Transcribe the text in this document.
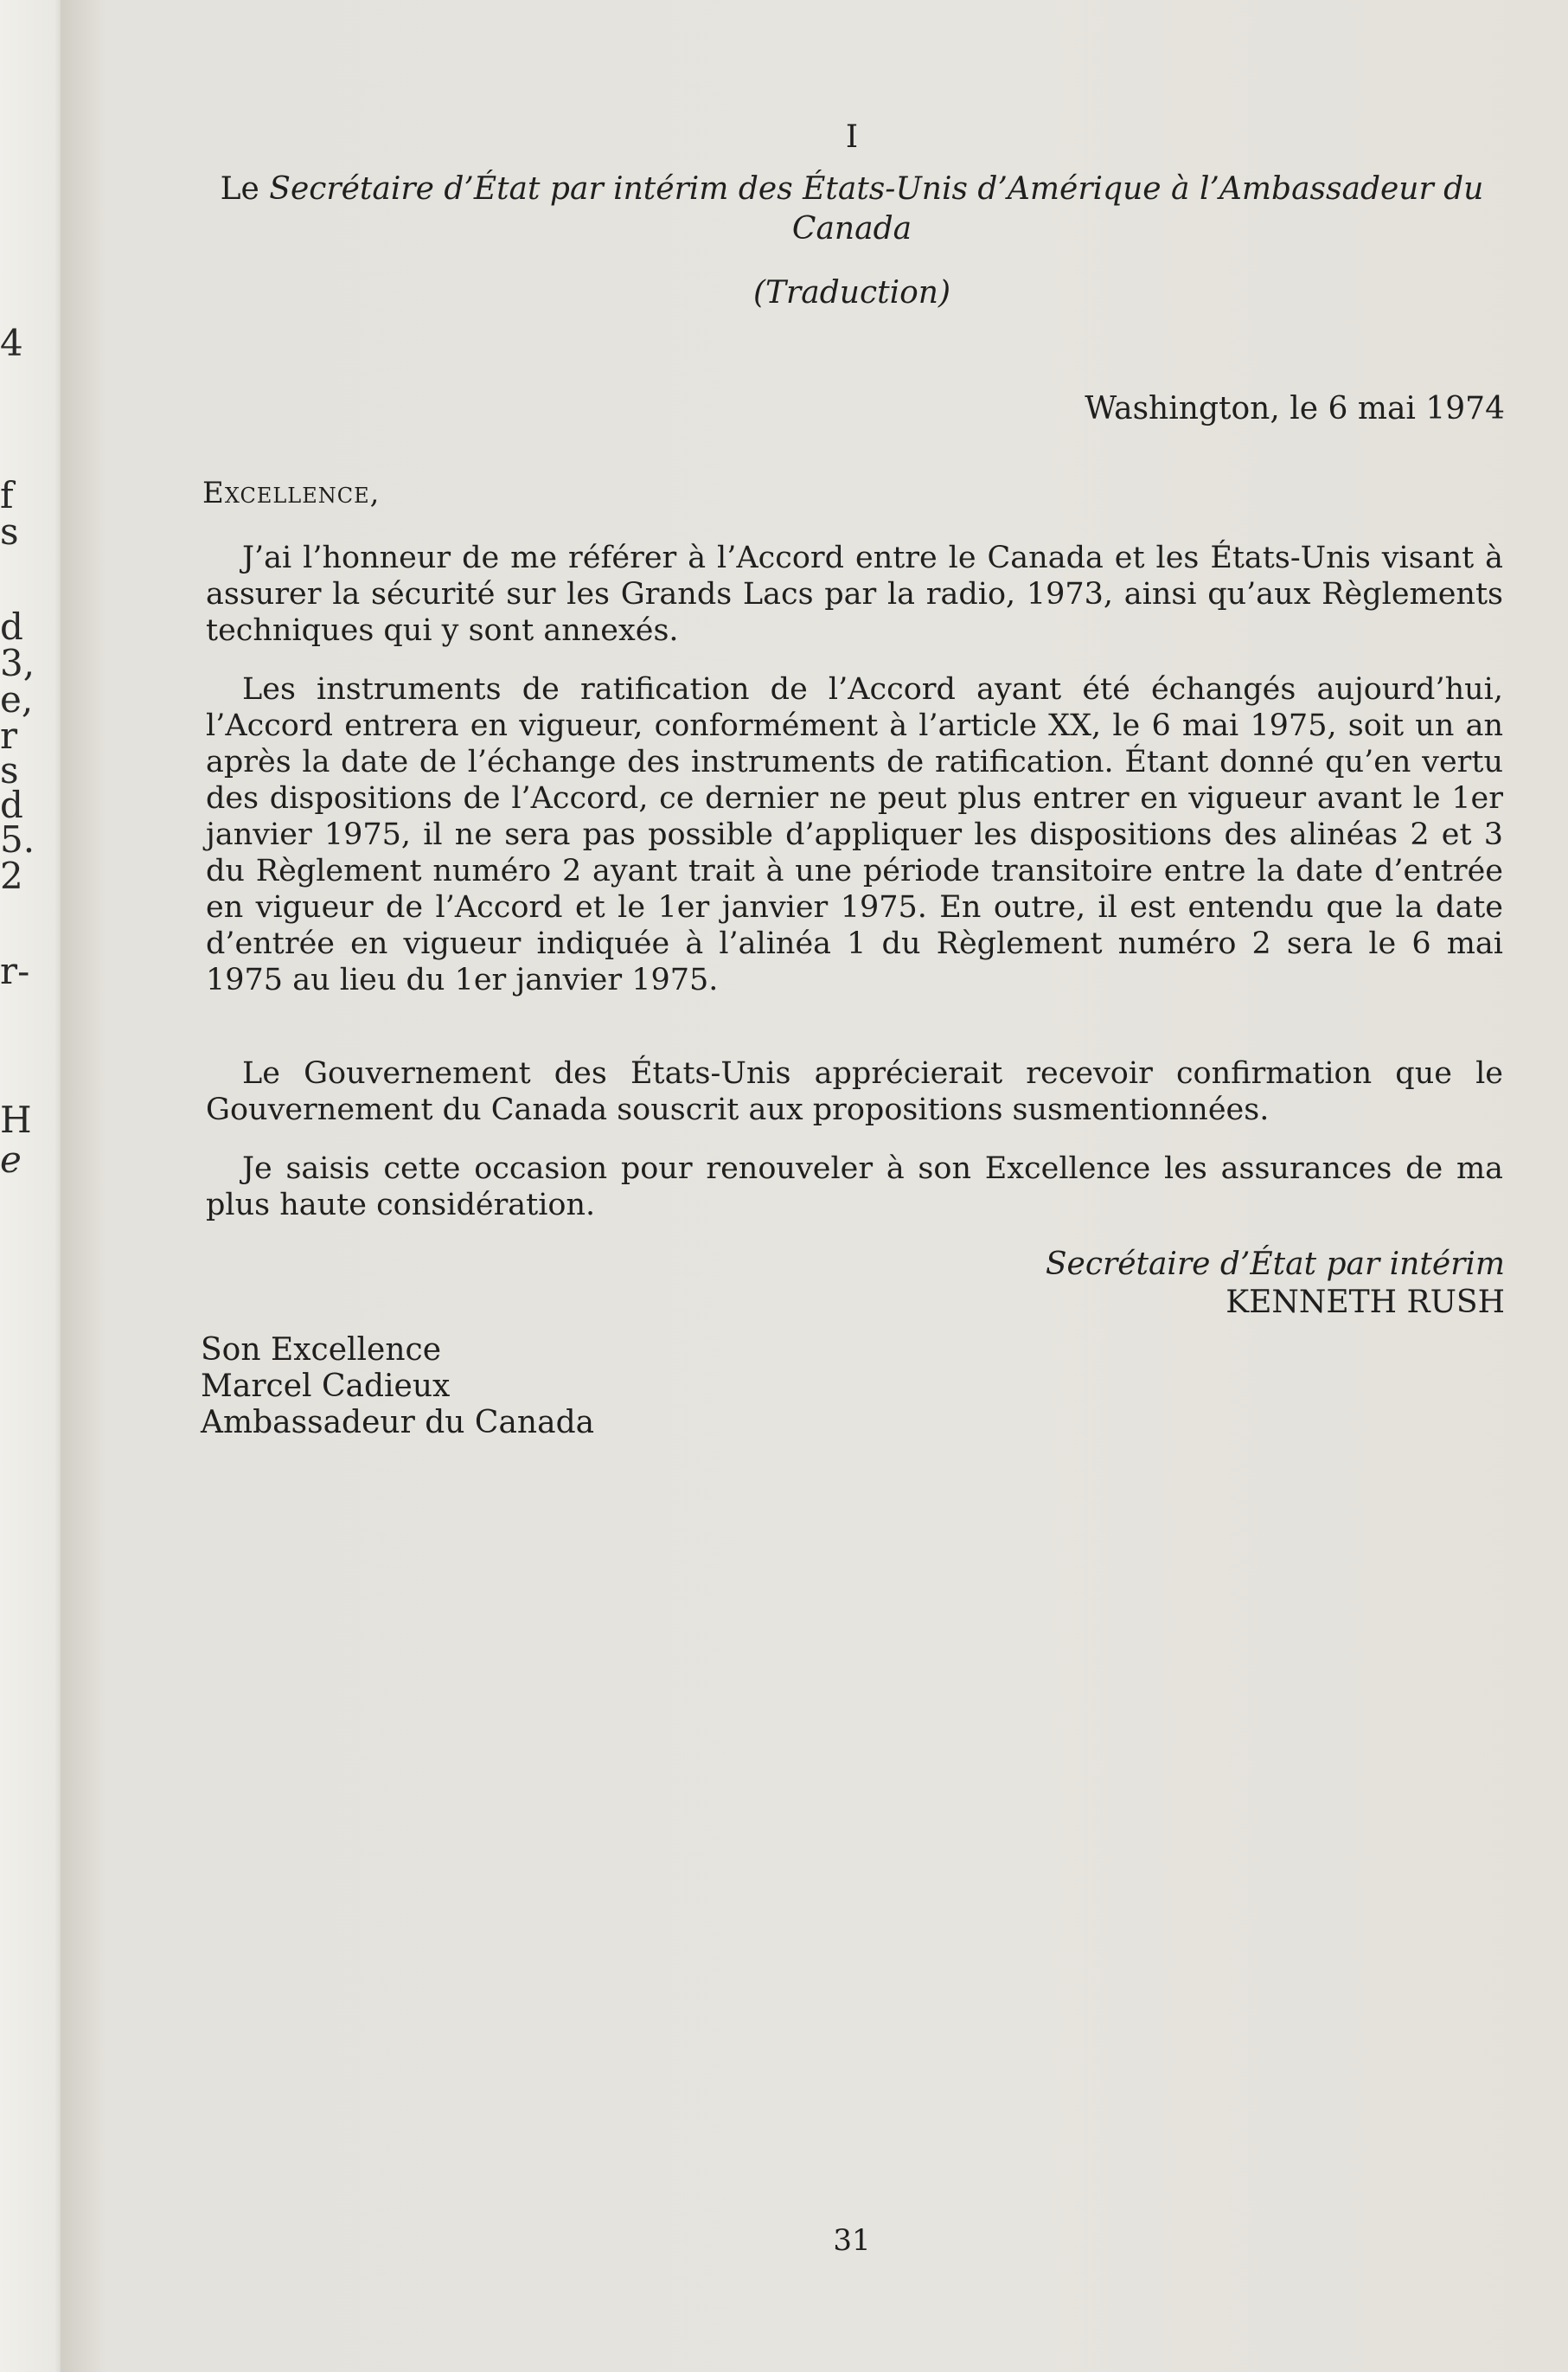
4
f
s
d
3,
e,
r
s
d
5.
2
r-
H
e
I
Le Secrétaire d’État par intérim des États-Unis d’Amérique à l’Ambassadeur du Canada
(Traduction)
Washington, le 6 mai 1974
Excellence,
J’ai l’honneur de me référer à l’Accord entre le Canada et les États-Unis visant à assurer la sécurité sur les Grands Lacs par la radio, 1973, ainsi qu’aux Règlements techniques qui y sont annexés.
Les instruments de ratification de l’Accord ayant été échangés aujourd’hui, l’Accord entrera en vigueur, conformément à l’article XX, le 6 mai 1975, soit un an après la date de l’échange des instruments de ratification. Étant donné qu’en vertu des dispositions de l’Accord, ce dernier ne peut plus entrer en vigueur avant le 1er janvier 1975, il ne sera pas possible d’appliquer les dispositions des alinéas 2 et 3 du Règlement numéro 2 ayant trait à une période transitoire entre la date d’entrée en vigueur de l’Accord et le 1er janvier 1975. En outre, il est entendu que la date d’entrée en vigueur indiquée à l’alinéa 1 du Règlement numéro 2 sera le 6 mai 1975 au lieu du 1er janvier 1975.
Le Gouvernement des États-Unis apprécierait recevoir confirmation que le Gouvernement du Canada souscrit aux propositions susmentionnées.
Je saisis cette occasion pour renouveler à son Excellence les assurances de ma plus haute considération.
Secrétaire d’État par intérim
KENNETH RUSH
Son Excellence
Marcel Cadieux
Ambassadeur du Canada
31
